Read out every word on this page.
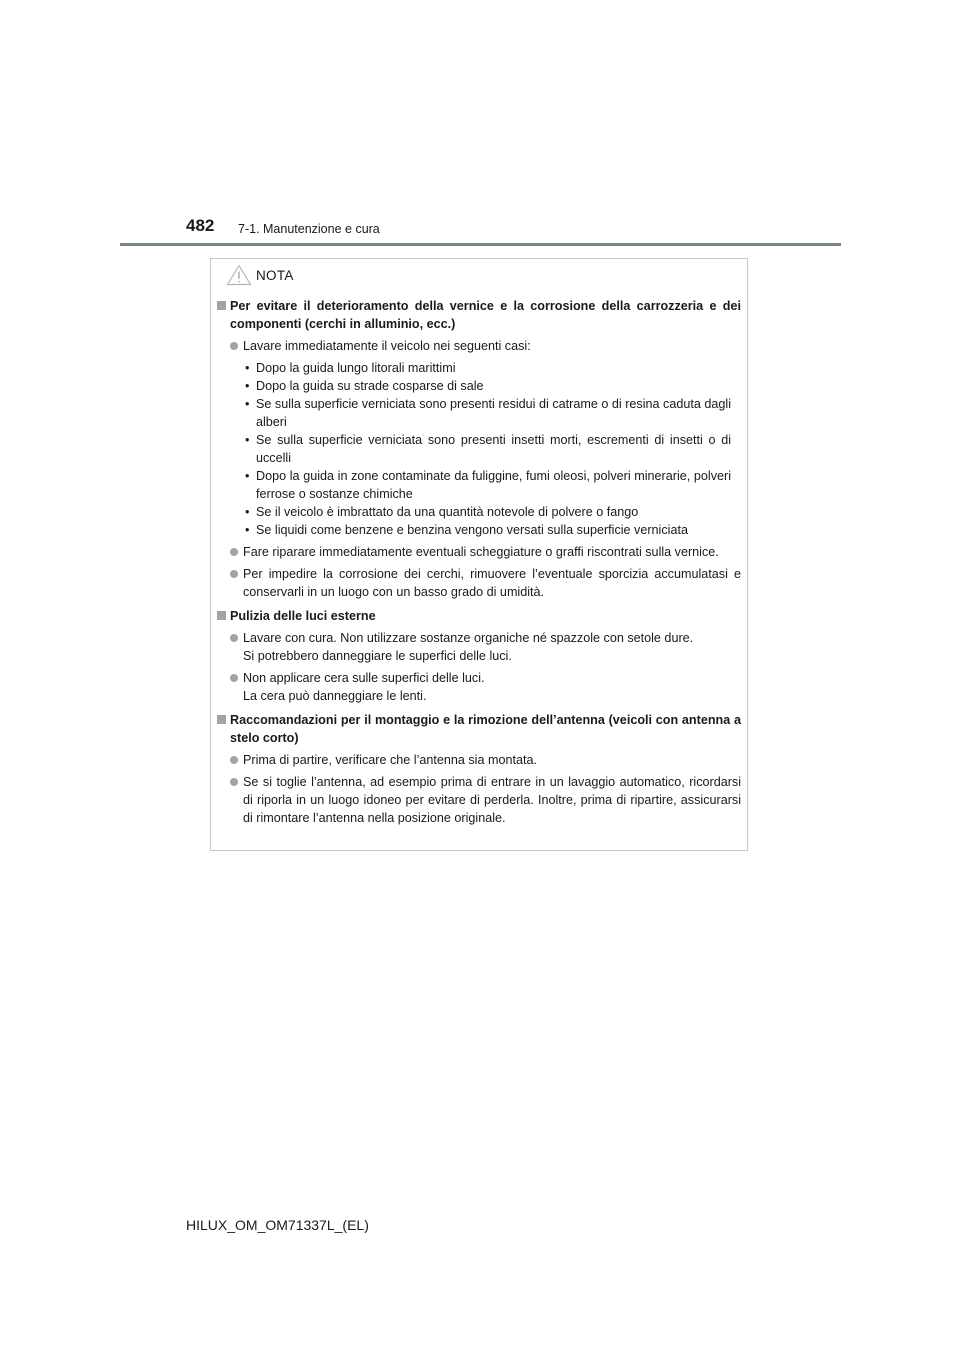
482 7-1. Manutenzione e cura
NOTA
Per evitare il deterioramento della vernice e la corrosione della carrozzeria e dei componenti (cerchi in alluminio, ecc.)
Lavare immediatamente il veicolo nei seguenti casi:
• Dopo la guida lungo litorali marittimi
• Dopo la guida su strade cosparse di sale
• Se sulla superficie verniciata sono presenti residui di catrame o di resina caduta dagli alberi
• Se sulla superficie verniciata sono presenti insetti morti, escrementi di insetti o di uccelli
• Dopo la guida in zone contaminate da fuliggine, fumi oleosi, polveri minerarie, polveri ferrose o sostanze chimiche
• Se il veicolo è imbrattato da una quantità notevole di polvere o fango
• Se liquidi come benzene e benzina vengono versati sulla superficie verniciata
Fare riparare immediatamente eventuali scheggiature o graffi riscontrati sulla vernice.
Per impedire la corrosione dei cerchi, rimuovere l’eventuale sporcizia accumulatasi e conservarli in un luogo con un basso grado di umidità.
Pulizia delle luci esterne
Lavare con cura. Non utilizzare sostanze organiche né spazzole con setole dure.
Si potrebbero danneggiare le superfici delle luci.
Non applicare cera sulle superfici delle luci.
La cera può danneggiare le lenti.
Raccomandazioni per il montaggio e la rimozione dell’antenna (veicoli con antenna a stelo corto)
Prima di partire, verificare che l’antenna sia montata.
Se si toglie l’antenna, ad esempio prima di entrare in un lavaggio automatico, ricordarsi di riporla in un luogo idoneo per evitare di perderla. Inoltre, prima di ripartire, assicurarsi di rimontare l’antenna nella posizione originale.
HILUX_OM_OM71337L_(EL)
